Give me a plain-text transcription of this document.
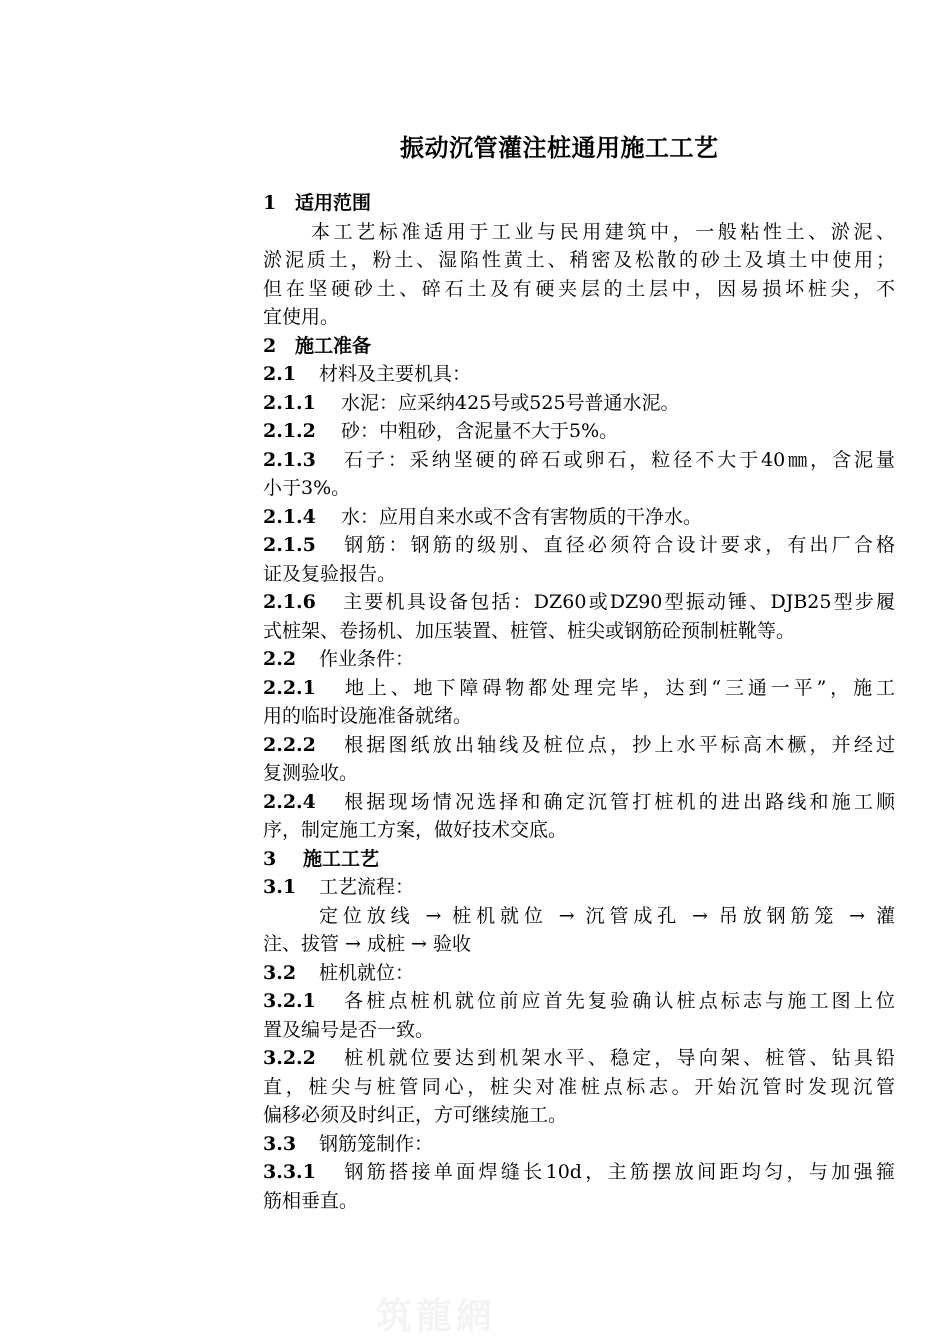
振动沉管灌注桩通用施工工艺
1 适用范围
本工艺标准适用于工业与民用建筑中，一般粘性土、淤泥、
淤泥质土，粉土、湿陷性黄土、稍密及松散的砂土及填土中使用；
但在坚硬砂土、碎石土及有硬夹层的土层中，因易损坏桩尖，不
宜使用。
2 施工准备
2.1 材料及主要机具：
2.1.1 水泥：应采纳425号或525号普通水泥。
2.1.2 砂：中粗砂，含泥量不大于5%。
2.1.3 石子：采纳坚硬的碎石或卵石，粒径不大于40㎜，含泥量
小于3%。
2.1.4 水：应用自来水或不含有害物质的干净水。
2.1.5 钢筋：钢筋的级别、直径必须符合设计要求，有出厂合格
证及复验报告。
2.1.6 主要机具设备包括：DZ60或DZ90型振动锤、DJB25型步履
式桩架、卷扬机、加压装置、桩管、桩尖或钢筋砼预制桩靴等。
2.2 作业条件：
2.2.1 地上、地下障碍物都处理完毕，达到“三通一平”，施工
用的临时设施准备就绪。
2.2.2 根据图纸放出轴线及桩位点，抄上水平标高木橛，并经过
复测验收。
2.2.4 根据现场情况选择和确定沉管打桩机的进出路线和施工顺
序，制定施工方案，做好技术交底。
3 施工工艺
3.1 工艺流程：
定位放线 → 桩机就位 → 沉管成孔 → 吊放钢筋笼 → 灌
注、拔管 → 成桩 → 验收
3.2 桩机就位：
3.2.1 各桩点桩机就位前应首先复验确认桩点标志与施工图上位
置及编号是否一致。
3.2.2 桩机就位要达到机架水平、稳定，导向架、桩管、钻具铅
直，桩尖与桩管同心，桩尖对准桩点标志。开始沉管时发现沉管
偏移必须及时纠正，方可继续施工。
3.3 钢筋笼制作：
3.3.1 钢筋搭接单面焊缝长10d，主筋摆放间距均匀，与加强箍
筋相垂直。
筑龍網
